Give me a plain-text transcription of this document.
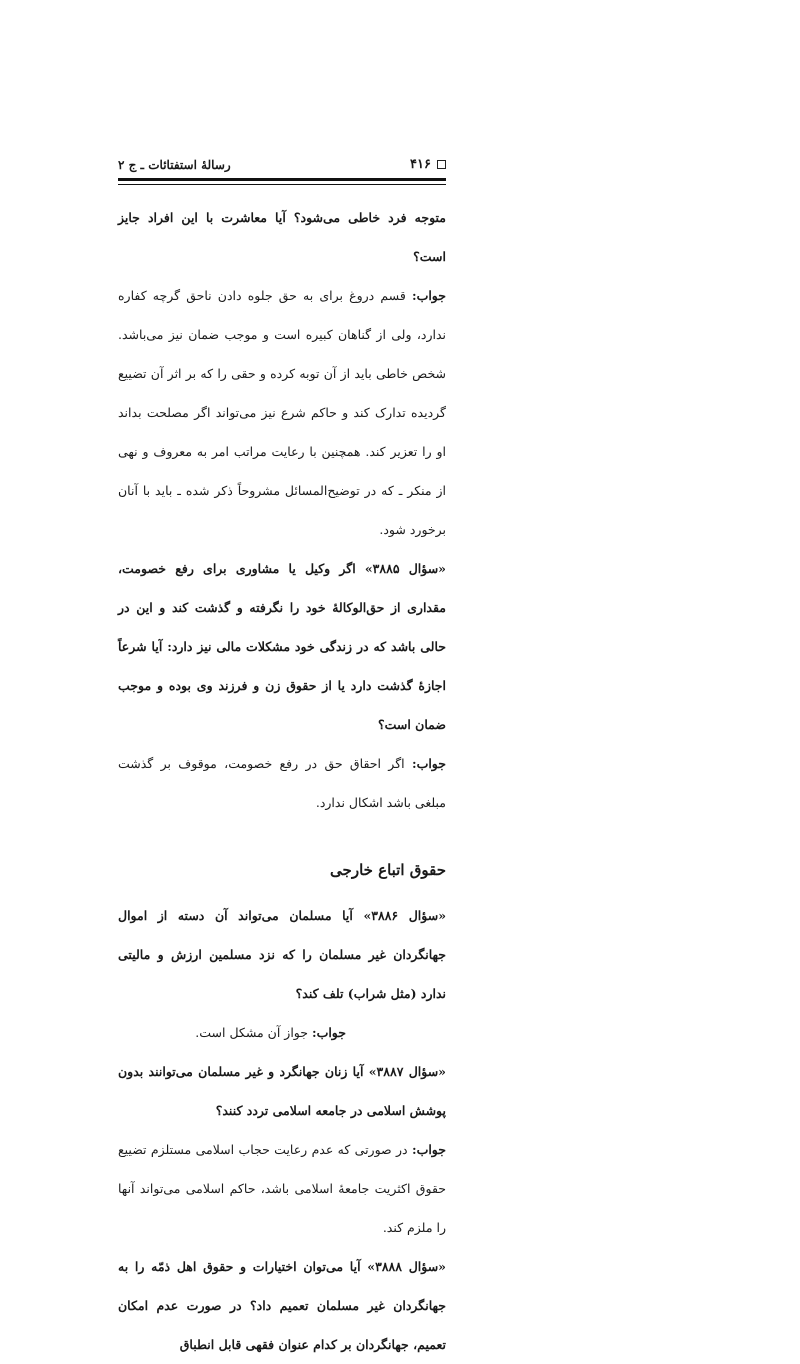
۴۱۶
رسالهٔ استفتائات ـ ج ۲

متوجه فرد خاطی می‌شود؟ آیا معاشرت با این افراد جایز است؟

جواب: قسم دروغ برای به حق جلوه دادن ناحق گرچه کفاره ندارد، ولی از گناهان کبیره است و موجب ضمان نیز می‌باشد. شخص خاطی باید از آن توبه کرده و حقی را که بر اثر آن تضییع گردیده تدارک کند و حاکم شرع نیز می‌تواند اگر مصلحت بداند او را تعزیر کند. همچنین با رعایت مراتب امر به معروف و نهی از منکر ـ که در توضیح‌المسائل مشروحاً ذکر شده ـ باید با آنان برخورد شود.

«سؤال ۳۸۸۵» اگر وکیل یا مشاوری برای رفع خصومت، مقداری از حق‌الوکالهٔ خود را نگرفته و گذشت کند و این در حالی باشد که در زندگی خود مشکلات مالی نیز دارد: آیا شرعاً اجازهٔ گذشت دارد یا از حقوق زن و فرزند وی بوده و موجب ضمان است؟

جواب: اگر احقاق حق در رفع خصومت، موقوف بر گذشت مبلغی باشد اشکال ندارد.

حقوق اتباع خارجی

«سؤال ۳۸۸۶» آیا مسلمان می‌تواند آن دسته از اموال جهانگردان غیر مسلمان را که نزد مسلمین ارزش و مالیتی ندارد (مثل شراب) تلف کند؟

جواب: جواز آن مشکل است.

«سؤال ۳۸۸۷» آیا زنان جهانگرد و غیر مسلمان می‌توانند بدون پوشش اسلامی در جامعه اسلامی تردد کنند؟

جواب: در صورتی که عدم رعایت حجاب اسلامی مستلزم تضییع حقوق اکثریت جامعهٔ اسلامی باشد، حاکم اسلامی می‌تواند آنها را ملزم کند.

«سؤال ۳۸۸۸» آیا می‌توان اختیارات و حقوق اهل ذمّه را به جهانگردان غیر مسلمان تعمیم داد؟ در صورت عدم امکان تعمیم، جهانگردان بر کدام عنوان فقهی قابل انطباق
